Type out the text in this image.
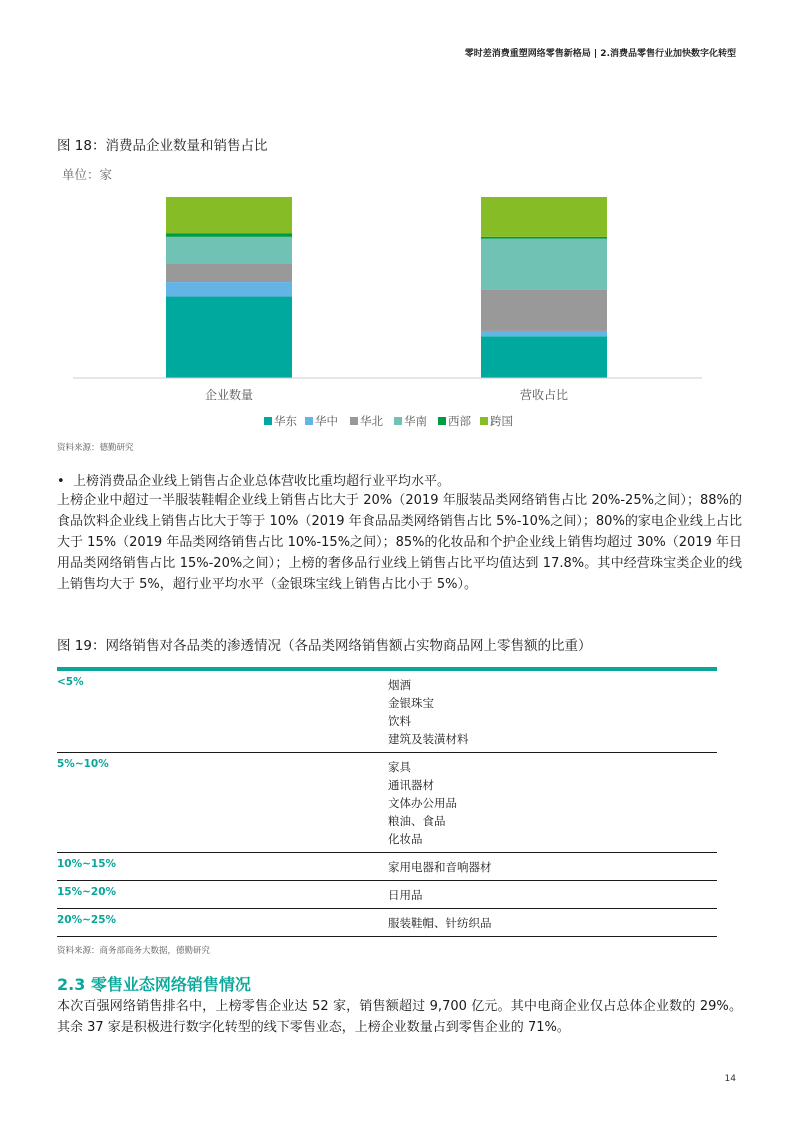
零时差消费重塑网络零售新格局 | 2.消费品零售行业加快数字化转型
图 18：消费品企业数量和销售占比
单位：家
企业数量	营收占比
华东 华中 华北 华南 西部 跨国
资料来源：德勤研究
• 上榜消费品企业线上销售占企业总体营收比重均超行业平均水平。
上榜企业中超过一半服装鞋帽企业线上销售占比大于 20%（2019 年服装品类网络销售占比 20%-25%之间）；88%的食品饮料企业线上销售占比大于等于 10%（2019 年食品品类网络销售占比 5%-10%之间）；80%的家电企业线上占比大于 15%（2019 年品类网络销售占比 10%-15%之间）；85%的化妆品和个护企业线上销售均超过 30%（2019 年日用品类网络销售占比 15%-20%之间）；上榜的奢侈品行业线上销售占比平均值达到 17.8%。其中经营珠宝类企业的线上销售均大于 5%，超行业平均水平（金银珠宝线上销售占比小于 5%）。
图 19：网络销售对各品类的渗透情况（各品类网络销售额占实物商品网上零售额的比重）
<5%	烟酒
金银珠宝
饮料
建筑及装潢材料
5%~10%	家具
通讯器材
文体办公用品
粮油、食品
化妆品
10%~15%	家用电器和音响器材
15%~20%	日用品
20%~25%	服装鞋帽、针纺织品
资料来源：商务部商务大数据，德勤研究
2.3 零售业态网络销售情况
本次百强网络销售排名中，上榜零售企业达 52 家，销售额超过 9,700 亿元。其中电商企业仅占总体企业数的 29%。其余 37 家是积极进行数字化转型的线下零售业态，上榜企业数量占到零售企业的 71%。
14
